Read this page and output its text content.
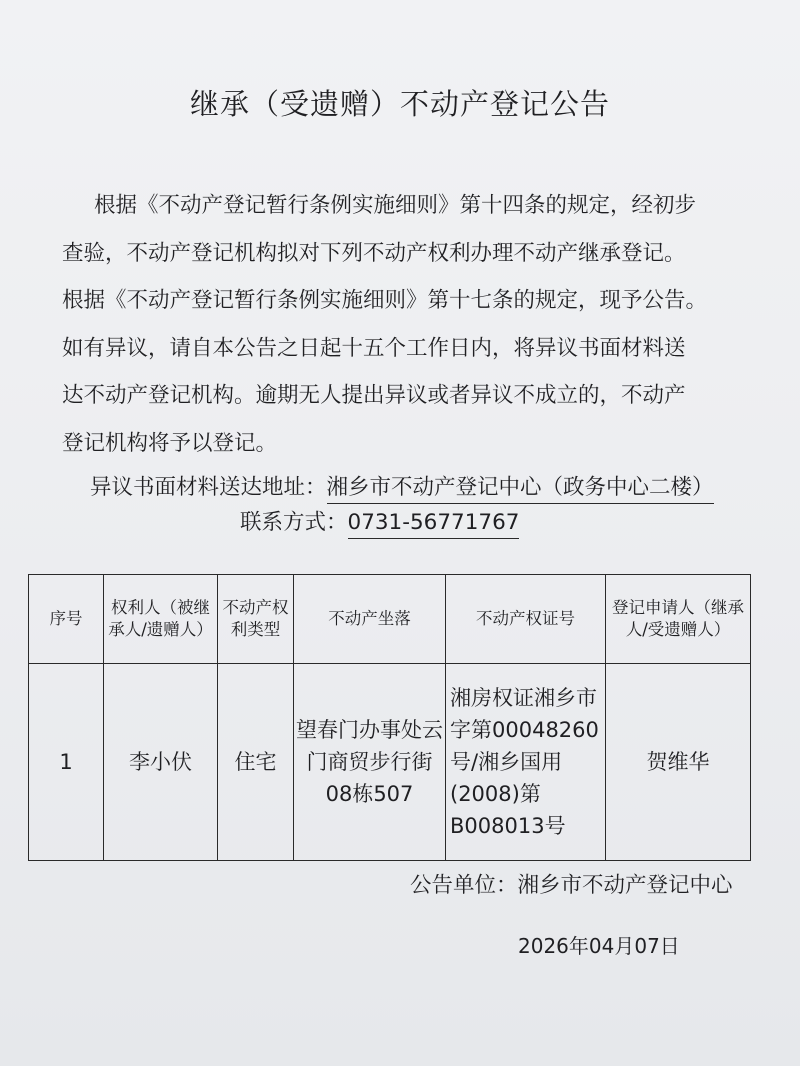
继承（受遗赠）不动产登记公告
根据《不动产登记暂行条例实施细则》第十四条的规定，经初步
查验，不动产登记机构拟对下列不动产权利办理不动产继承登记。
根据《不动产登记暂行条例实施细则》第十七条的规定，现予公告。
如有异议，请自本公告之日起十五个工作日内，将异议书面材料送
达不动产登记机构。逾期无人提出异议或者异议不成立的，不动产
登记机构将予以登记。
异议书面材料送达地址：湘乡市不动产登记中心（政务中心二楼）
联系方式：0731-56771767
序号	权利人（被继承人/遗赠人）	不动产权利类型	不动产坐落	不动产权证号	登记申请人（继承人/受遗赠人）
1	李小伏	住宅	望春门办事处云门商贸步行街08栋507	湘房权证湘乡市字第00048260号/湘乡国用(2008)第B008013号	贺维华
公告单位：湘乡市不动产登记中心
2026年04月07日
